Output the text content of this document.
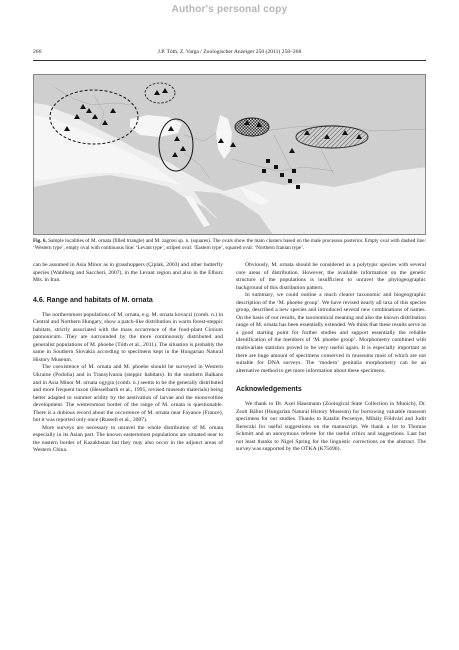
Author's personal copy
266	J.P. Tóth, Z. Varga / Zoologischer Anzeiger 250 (2011) 258–268
Fig. 6. Sample localities of M. ornata (filled triangle) and M. zagrosi sp. n. (squares). The ovals show the main clusters based on the male processus posterior. Empty oval with dashed line: ‘Western type’, empty oval with continuous line: ‘Levant type’, striped oval: ‘Eastern type’, squared oval: ‘Northern Iranian type’.

can be assumed in Asia Minor as in grasshoppers (Çiplak, 2003) and other butterfly species (Wahlberg and Saccheri, 2007), in the Levant region and also in the Elburz Mts. in Iran.

4.6. Range and habitats of M. ornata

The northernmost populations of M. ornata, e.g. M. ornata kovaczi (comb. n.) in Central and Northern Hungary, show a patch-like distribution in warm forest-steppic habitats, strictly associated with the mass occurrence of the food-plant Cirsium pannonicum. They are surrounded by the more continuously distributed and generalist populations of M. phoebe (Tóth et al., 2011). The situation is probably the same in Southern Slovakia according to specimens kept in the Hungarian Natural History Museum.

The coexistence of M. ornata and M. phoebe should be surveyed in Western Ukraine (Podolia) and in Transylvania (steppic habitats). In the southern Balkans and in Asia Minor M. ornata ogygia (comb. n.) seems to be the generally distributed and more frequent taxon (Hesselbarth et al., 1995, revised museum materials) being better adapted to summer aridity by the aestivation of larvae and the monovoltine development. The westernmost border of the range of M. ornata is questionable. There is a dubious record about the occurrence of M. ornata near Fayance (France), but it was reported only once (Russell et al., 2007).

More surveys are necessary to unravel the whole distribution of M. ornata especially in its Asian part. The known easternmost populations are situated near to the eastern border of Kazakhstan but they may also occur in the adjunct areas of Western China.

Obviously, M. ornata should be considered as a polytypic species with several core areas of distribution. However, the available information on the genetic structure of the populations is insufficient to unravel the phylogeographic background of this distribution pattern.

In summary, we could outline a much clearer taxonomic and biogeographic description of the ‘M. phoebe group’. We have revised nearly all taxa of this species group, described a new species and introduced several new combinations of names. On the basis of our results, the taxonomical meaning and also the known distribution range of M. ornata has been essentially extended. We think that these results serve as a good starting point for further studies and support essentially the reliable identification of the members of ‘M. phoebe group’. Morphometry combined with multivariate statistics proved to be very useful again. It is especially important as there are huge amount of specimens conserved in museums most of which are not suitable for DNA surveys. The ‘modern’ genitalia morphometry can be an alternative method to get more information about these specimens.

Acknowledgements

We thank to Dr. Axel Hausmann (Zoological State Collection in Munich), Dr. Zsolt Bálint (Hungarian Natural History Museum) for borrowing valuable museum specimens for our studies. Thanks to Katalin Pecsenye, Mihály Földvári and Judit Bereczki for useful suggestions on the manuscript. We thank a lot to Thomas Schmitt and an anonymous referee for the useful critics and suggestions. Last but not least thanks to Nigel Spring for the linguistic corrections on the abstract. The survey was supported by the OTKA (K75696).
